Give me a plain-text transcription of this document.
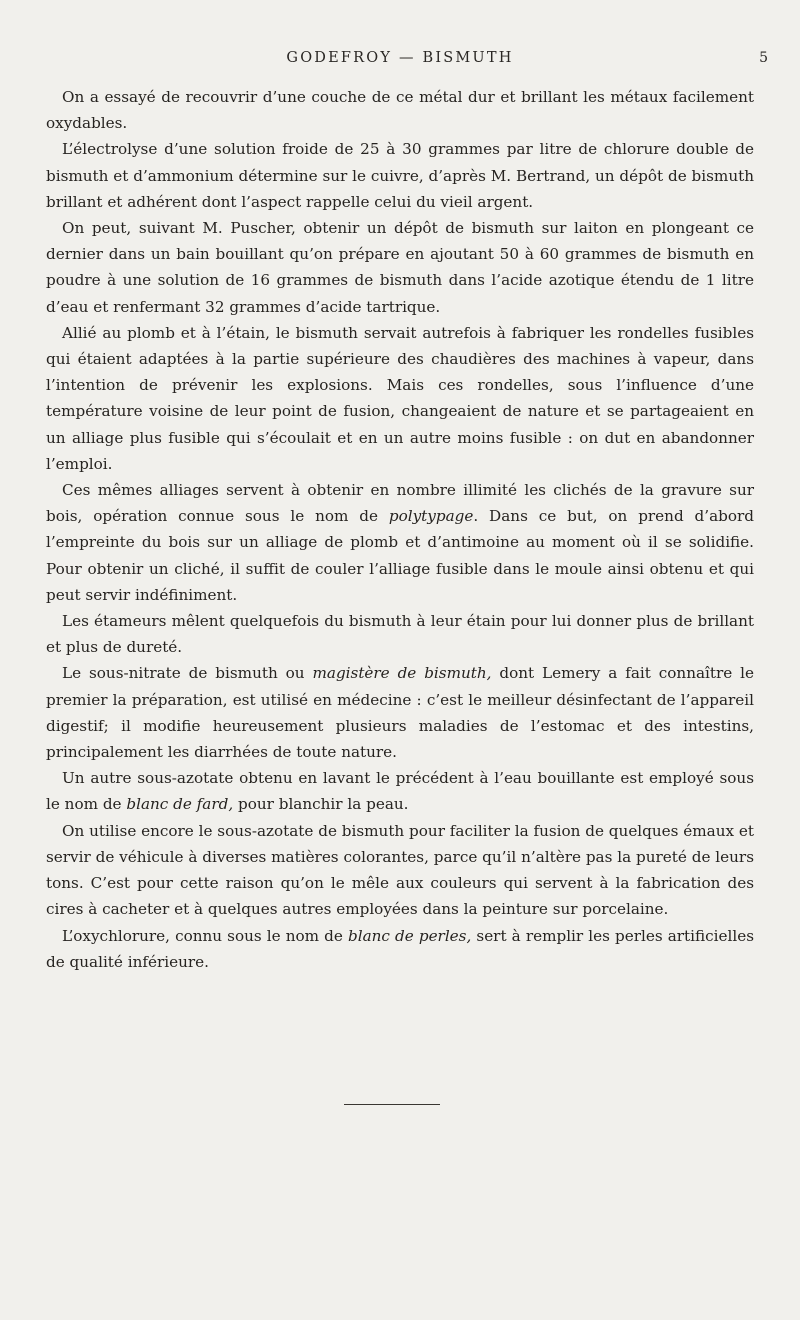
GODEFROY — BISMUTH	5

On a essayé de recouvrir d’une couche de ce métal dur et brillant les métaux facilement oxydables.

L’électrolyse d’une solution froide de 25 à 30 grammes par litre de chlorure double de bismuth et d’ammonium détermine sur le cuivre, d’après M. Bertrand, un dépôt de bismuth brillant et adhérent dont l’aspect rappelle celui du vieil argent.

On peut, suivant M. Puscher, obtenir un dépôt de bismuth sur laiton en plongeant ce dernier dans un bain bouillant qu’on prépare en ajoutant 50 à 60 grammes de bismuth en poudre à une solution de 16 grammes de bismuth dans l’acide azotique étendu de 1 litre d’eau et renfermant 32 grammes d’acide tartrique.

Allié au plomb et à l’étain, le bismuth servait autrefois à fabriquer les rondelles fusibles qui étaient adaptées à la partie supérieure des chaudières des machines à vapeur, dans l’intention de prévenir les explosions. Mais ces rondelles, sous l’influence d’une température voisine de leur point de fusion, changeaient de nature et se partageaient en un alliage plus fusible qui s’écoulait et en un autre moins fusible : on dut en abandonner l’emploi.

Ces mêmes alliages servent à obtenir en nombre illimité les clichés de la gravure sur bois, opération connue sous le nom de polytypage. Dans ce but, on prend d’abord l’empreinte du bois sur un alliage de plomb et d’antimoine au moment où il se solidifie. Pour obtenir un cliché, il suffit de couler l’alliage fusible dans le moule ainsi obtenu et qui peut servir indéfiniment.

Les étameurs mêlent quelquefois du bismuth à leur étain pour lui donner plus de brillant et plus de dureté.

Le sous-nitrate de bismuth ou magistère de bismuth, dont Lemery a fait connaître le premier la préparation, est utilisé en médecine : c’est le meilleur désinfectant de l’appareil digestif; il modifie heureusement plusieurs maladies de l’estomac et des intestins, principalement les diarrhées de toute nature.

Un autre sous-azotate obtenu en lavant le précédent à l’eau bouillante est employé sous le nom de blanc de fard, pour blanchir la peau.

On utilise encore le sous-azotate de bismuth pour faciliter la fusion de quelques émaux et servir de véhicule à diverses matières colorantes, parce qu’il n’altère pas la pureté de leurs tons. C’est pour cette raison qu’on le mêle aux couleurs qui servent à la fabrication des cires à cacheter et à quelques autres employées dans la peinture sur porcelaine.

L’oxychlorure, connu sous le nom de blanc de perles, sert à remplir les perles artificielles de qualité inférieure.
